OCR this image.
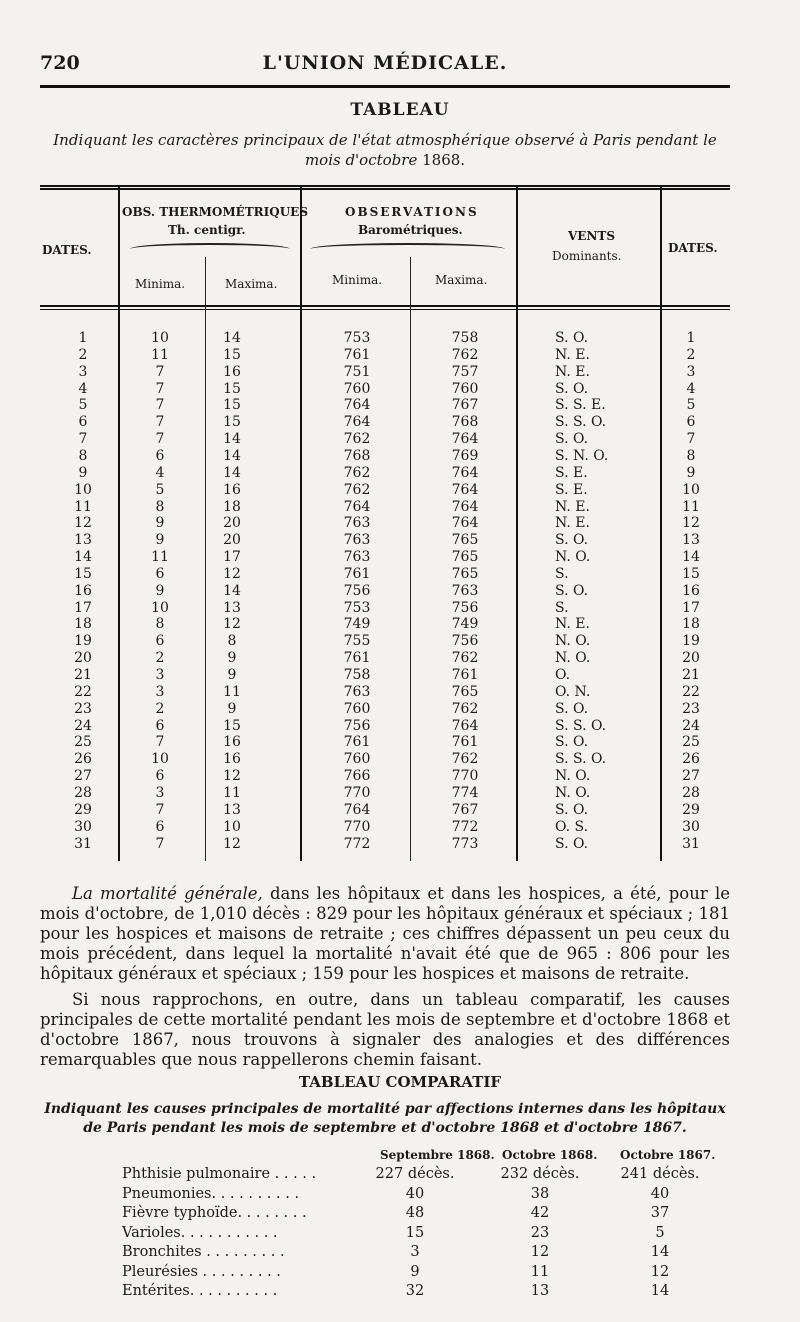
720	L'UNION MÉDICALE.
TABLEAU
Indiquant les caractères principaux de l'état atmosphérique observé à Paris pendant le mois d'octobre 1868.
DATES.
OBS. THERMOMÉTRIQUES
Th. centigr.
Minima.	Maxima.
OBSERVATIONS
Barométriques.
Minima.	Maxima.
VENTS
Dominants.
DATES.
1	10	14	753	758	S. O.	1
2	11	15	761	762	N. E.	2
3	7	16	751	757	N. E.	3
4	7	15	760	760	S. O.	4
5	7	15	764	767	S. S. E.	5
6	7	15	764	768	S. S. O.	6
7	7	14	762	764	S. O.	7
8	6	14	768	769	S. N. O.	8
9	4	14	762	764	S. E.	9
10	5	16	762	764	S. E.	10
11	8	18	764	764	N. E.	11
12	9	20	763	764	N. E.	12
13	9	20	763	765	S. O.	13
14	11	17	763	765	N. O.	14
15	6	12	761	765	S.	15
16	9	14	756	763	S. O.	16
17	10	13	753	756	S.	17
18	8	12	749	749	N. E.	18
19	6	8	755	756	N. O.	19
20	2	9	761	762	N. O.	20
21	3	9	758	761	O.	21
22	3	11	763	765	O. N.	22
23	2	9	760	762	S. O.	23
24	6	15	756	764	S. S. O.	24
25	7	16	761	761	S. O.	25
26	10	16	760	762	S. S. O.	26
27	6	12	766	770	N. O.	27
28	3	11	770	774	N. O.	28
29	7	13	764	767	S. O.	29
30	6	10	770	772	O. S.	30
31	7	12	772	773	S. O.	31
La mortalité générale, dans les hôpitaux et dans les hospices, a été, pour le mois d'octobre, de 1,010 décès : 829 pour les hôpitaux généraux et spéciaux ; 181 pour les hospices et maisons de retraite ; ces chiffres dépassent un peu ceux du mois précédent, dans lequel la mortalité n'avait été que de 965 : 806 pour les hôpitaux généraux et spéciaux ; 159 pour les hospices et maisons de retraite.
Si nous rapprochons, en outre, dans un tableau comparatif, les causes principales de cette mortalité pendant les mois de septembre et d'octobre 1868 et d'octobre 1867, nous trouvons à signaler des analogies et des différences remarquables que nous rappellerons chemin faisant.
TABLEAU COMPARATIF
Indiquant les causes principales de mortalité par affections internes dans les hôpitaux de Paris pendant les mois de septembre et d'octobre 1868 et d'octobre 1867.
Septembre 1868. Octobre 1868. Octobre 1867.
Phthisie pulmonaire . . . . .	227 décès.	232 décès.	241 décès.
Pneumonies. . . . . . . . . .	40	38	40
Fièvre typhoïde. . . . . . . .	48	42	37
Varioles. . . . . . . . . . .	15	23	5
Bronchites . . . . . . . . .	3	12	14
Pleurésies . . . . . . . . .	9	11	12
Entérites. . . . . . . . . .	32	13	14
